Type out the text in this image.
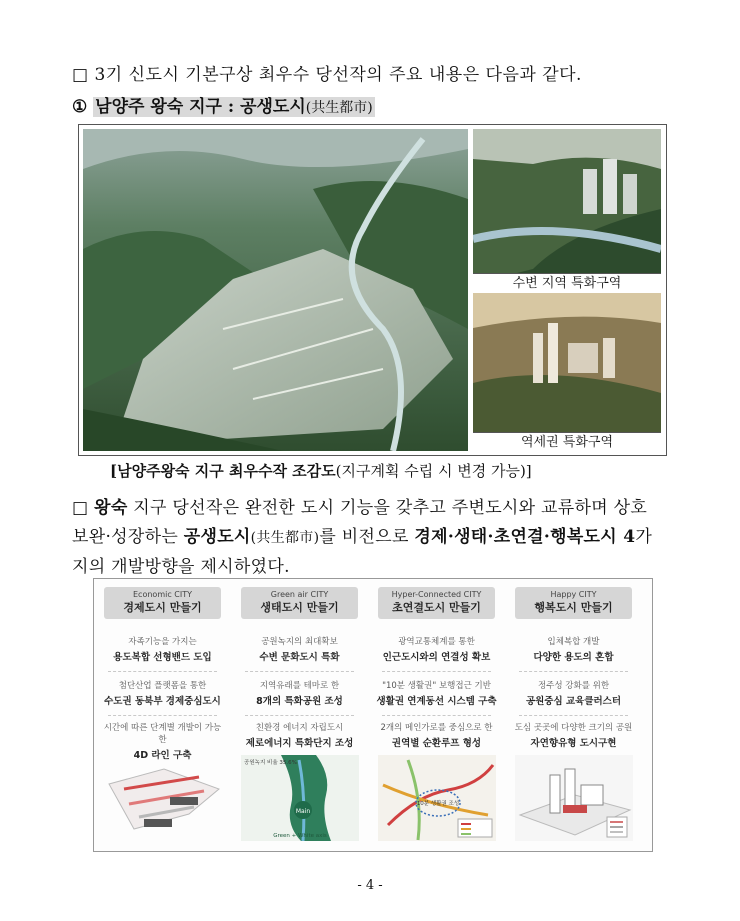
□ 3기 신도시 기본구상 최우수 당선작의 주요 내용은 다음과 같다.
① 남양주 왕숙 지구 : 공생도시(共生都市)
수변 지역 특화구역
역세권 특화구역
[남양주왕숙 지구 최우수작 조감도(지구계획 수립 시 변경 가능)]
□ 왕숙 지구 당선작은 완전한 도시 기능을 갖추고 주변도시와 교류하며 상호보완·성장하는 공생도시(共生都市)를 비전으로 경제·생태·초연결·행복도시 4가지의 개발방향을 제시하였다.
Economic CITY
경제도시 만들기
자족기능을 가지는
용도복합 선형밴드 도입
첨단산업 플랫폼을 통한
수도권 동북부 경제중심도시
시간에 따른 단계별 개발이 가능한
4D 라인 구축
Green air CITY
생태도시 만들기
공원녹지의 최대확보
수변 문화도시 특화
지역유래를 테마로 한
8개의 특화공원 조성
친환경 에너지 자립도시
제로에너지 특화단지 조성
Main
공원녹지 비율 35.6%
Green + White axis
Hyper-Connected CITY
초연결도시 만들기
광역교통체계를 통한
인근도시와의 연결성 확보
"10분 생활권" 보행접근 기반
생활권 연계동선 시스템 구축
2개의 메인가로를 중심으로 한
권역별 순환루프 형성
10분 생활권 조성
Happy CITY
행복도시 만들기
입체복합 개발
다양한 용도의 혼합
정주성 강화를 위한
공원중심 교육클러스터
도심 곳곳에 다양한 크기의 공원
자연향유형 도시구현
- 4 -
